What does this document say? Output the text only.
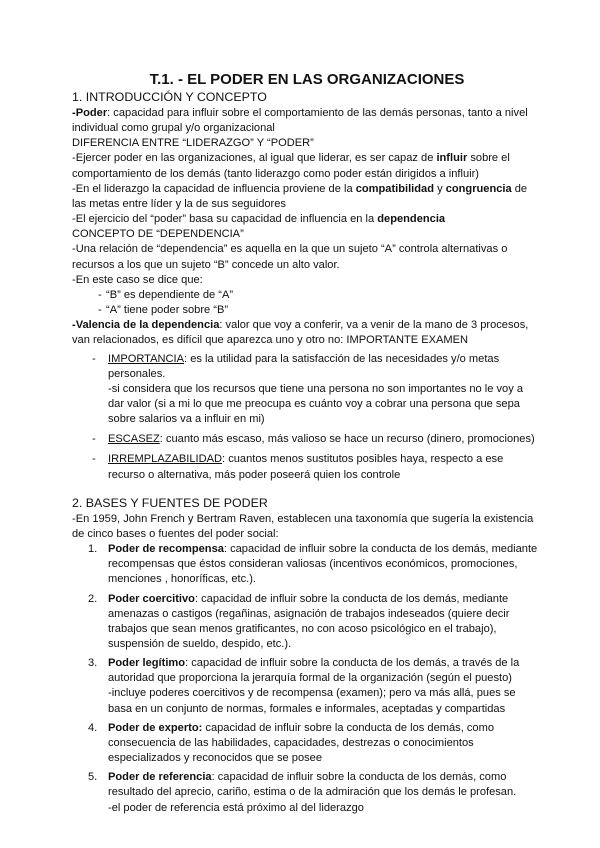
T.1. - EL PODER EN LAS ORGANIZACIONES
1. INTRODUCCIÓN Y CONCEPTO

-Poder: capacidad para influir sobre el comportamiento de las demás personas, tanto a nivel individual como grupal y/o organizacional

DIFERENCIA ENTRE “LIDERAZGO” Y “PODER”

-Ejercer poder en las organizaciones, al igual que liderar, es ser capaz de influir sobre el comportamiento de los demás (tanto liderazgo como poder están dirigidos a influir)

-En el liderazgo la capacidad de influencia proviene de la compatibilidad y congruencia de las metas entre líder y la de sus seguidores

-El ejercicio del “poder” basa su capacidad de influencia en la dependencia

CONCEPTO DE “DEPENDENCIA”

-Una relación de “dependencia” es aquella en la que un sujeto “A” controla alternativas o recursos a los que un sujeto “B” concede un alto valor.

-En este caso se dice que:

- “B” es dependiente de “A”
- “A” tiene poder sobre “B”

-Valencia de la dependencia: valor que voy a conferir, va a venir de la mano de 3 procesos, van relacionados, es difícil que aparezca uno y otro no: IMPORTANTE EXAMEN

- IMPORTANCIA: es la utilidad para la satisfacción de las necesidades y/o metas personales.
-si considera que los recursos que tiene una persona no son importantes no le voy a dar valor (si a mi lo que me preocupa es cuánto voy a cobrar una persona que sepa sobre salarios va a influir en mi)
- ESCASEZ: cuanto más escaso, más valioso se hace un recurso (dinero, promociones)
- IRREMPLAZABILIDAD: cuantos menos sustitutos posibles haya, respecto a ese recurso o alternativa, más poder poseerá quien los controle
2. BASES Y FUENTES DE PODER

-En 1959, John French y Bertram Raven, establecen una taxonomía que sugería la existencia de cinco bases o fuentes del poder social:

1. Poder de recompensa: capacidad de influir sobre la conducta de los demás, mediante recompensas que éstos consideran valiosas (incentivos económicos, promociones, menciones , honoríficas, etc.).
2. Poder coercitivo: capacidad de influir sobre la conducta de los demás, mediante amenazas o castigos (regañinas, asignación de trabajos indeseados (quiere decir trabajos que sean menos gratificantes, no con acoso psicológico en el trabajo), suspensión de sueldo, despido, etc.).
3. Poder legítimo: capacidad de influir sobre la conducta de los demás, a través de la autoridad que proporciona la jerarquía formal de la organización (según el puesto)
-incluye poderes coercitivos y de recompensa (examen); pero va más allá, pues se basa en un conjunto de normas, formales e informales, aceptadas y compartidas
4. Poder de experto: capacidad de influir sobre la conducta de los demás, como consecuencia de las habilidades, capacidades, destrezas o conocimientos especializados y reconocidos que se posee
5. Poder de referencia: capacidad de influir sobre la conducta de los demás, como resultado del aprecio, cariño, estima o de la admiración que los demás le profesan.
-el poder de referencia está próximo al del liderazgo
